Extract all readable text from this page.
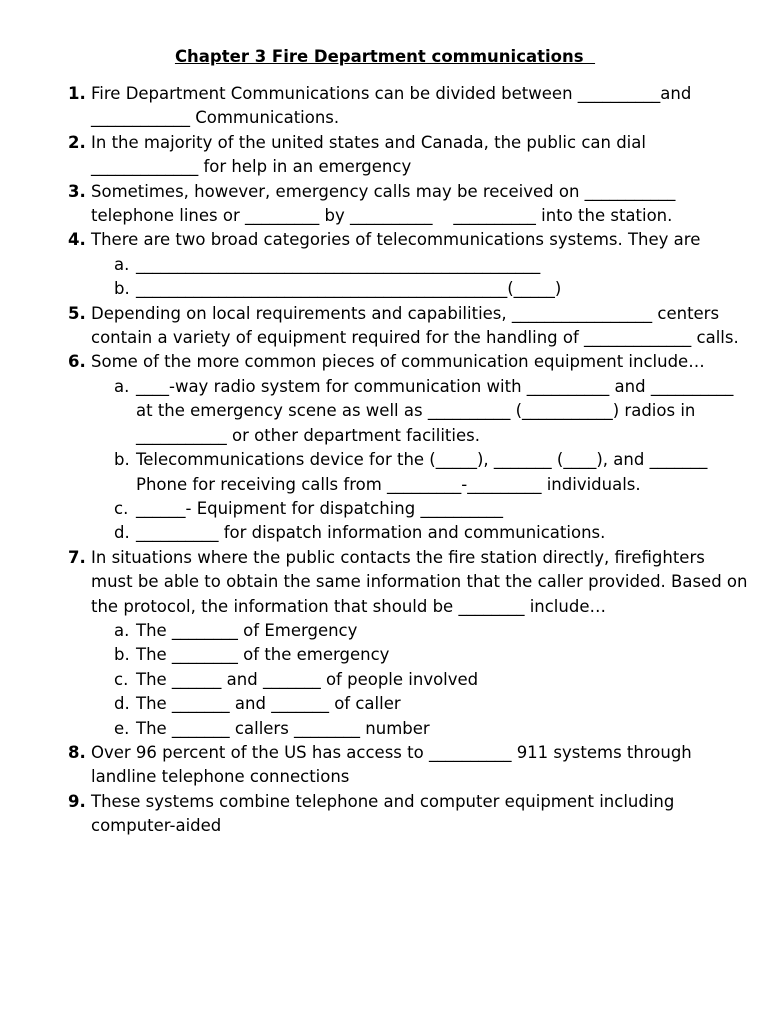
Chapter 3 Fire Department communications
1. Fire Department Communications can be divided between __________and ____________ Communications.
2. In the majority of the united states and Canada, the public can dial _____________ for help in an emergency
3. Sometimes, however, emergency calls may be received on ___________ telephone lines or _________ by __________    __________ into the station.
4. There are two broad categories of telecommunications systems. They are
a. _________________________________________________
b. _____________________________________________(_____)
5. Depending on local requirements and capabilities, _________________ centers contain a variety of equipment required for the handling of _____________ calls.
6. Some of the more common pieces of communication equipment include…
a. ____-way radio system for communication with __________ and __________ at the emergency scene as well as __________ (___________) radios in ___________ or other department facilities.
b. Telecommunications device for the (_____), _______ (____), and _______ Phone for receiving calls from _________-_________ individuals.
c. ______- Equipment for dispatching __________
d. __________ for dispatch information and communications.
7. In situations where the public contacts the fire station directly, firefighters must be able to obtain the same information that the caller provided. Based on the protocol, the information that should be ________ include…
a. The ________ of Emergency
b. The ________ of the emergency
c. The ______ and _______ of people involved
d. The _______ and _______ of caller
e. The _______ callers ________ number
8. Over 96 percent of the US has access to __________ 911 systems through landline telephone connections
9. These systems combine telephone and computer equipment including computer-aided
